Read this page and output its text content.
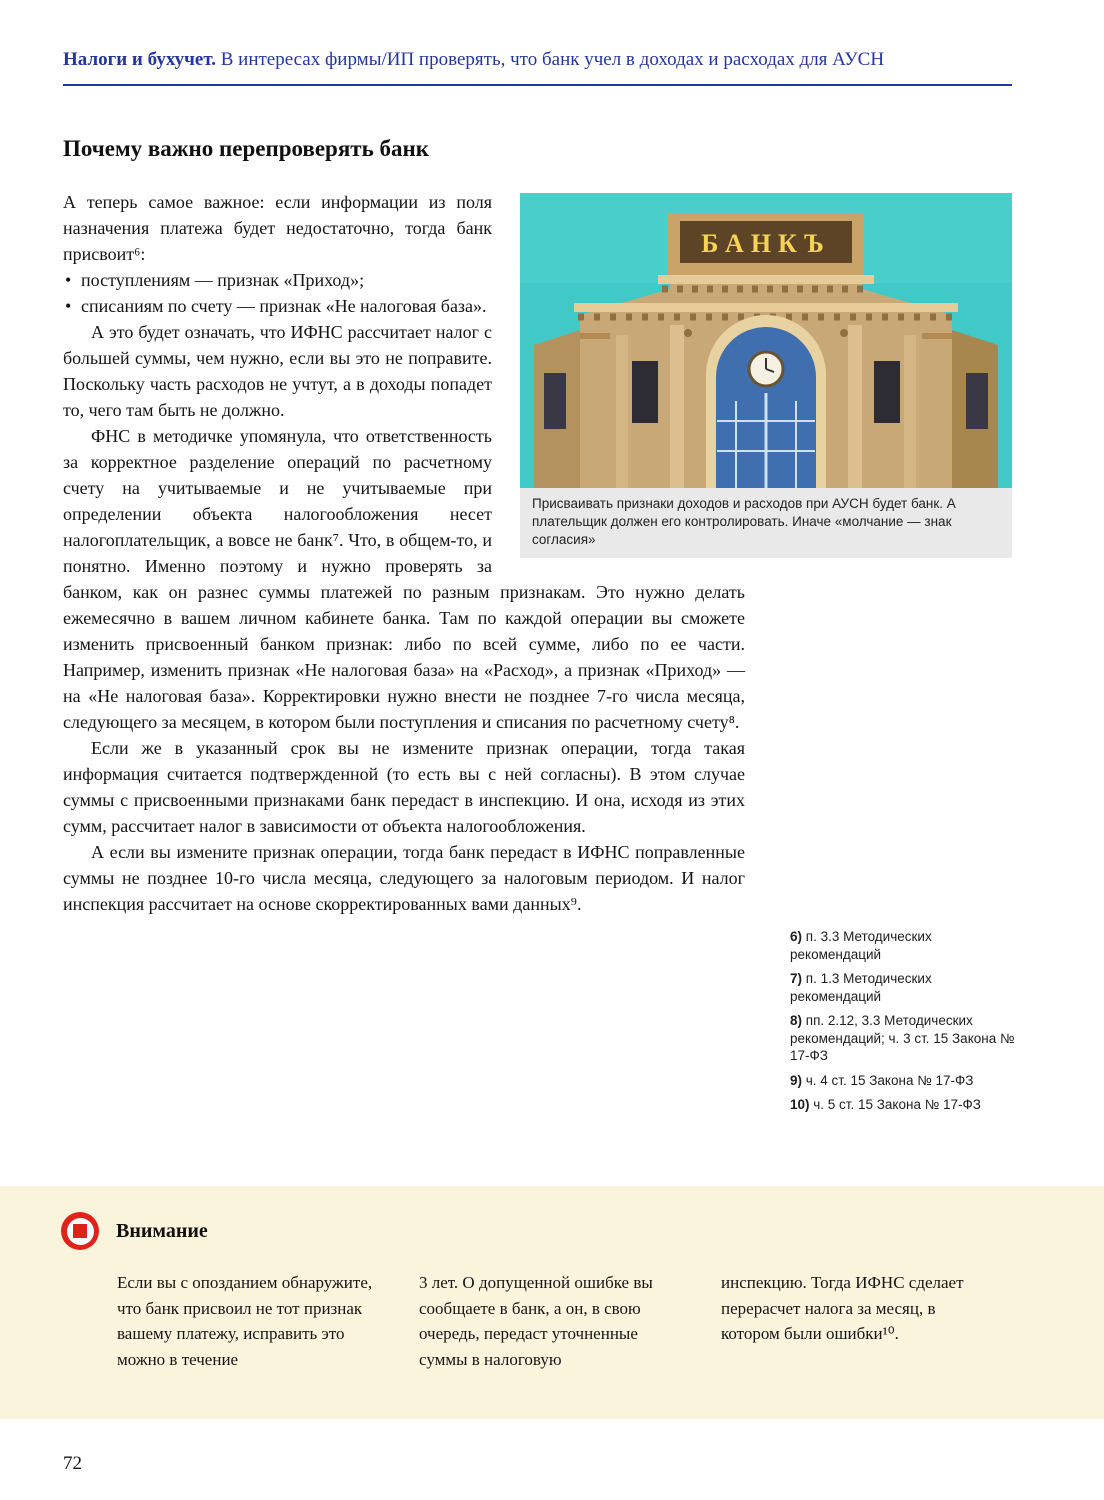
Налоги и бухучет. В интересах фирмы/ИП проверять, что банк учел в доходах и расходах для АУСН
Почему важно перепроверять банк
БАНКЪ
Присваивать признаки доходов и расходов при АУСН будет банк. А плательщик должен его контролировать. Иначе «молчание — знак согласия»

А теперь самое важное: если информации из поля назначения платежа будет недостаточно, тогда банк присвоит⁶:

• поступлениям — признак «Приход»;
• списаниям по счету — признак «Не налоговая база».

А это будет означать, что ИФНС рассчитает налог с большей суммы, чем нужно, если вы это не поправите. Поскольку часть расходов не учтут, а в доходы попадет то, чего там быть не должно.

ФНС в методичке упомянула, что ответственность за корректное разделение операций по расчетному счету на учитываемые и не учитываемые при определении объекта налогообложения несет налогоплательщик, а вовсе не банк⁷. Что, в общем-то, и понятно. Именно поэтому и нужно проверять за банком, как он разнес суммы платежей по разным признакам. Это нужно делать ежемесячно в вашем личном кабинете банка. Там по каждой операции вы сможете изменить присвоенный банком признак: либо по всей сумме, либо по ее части. Например, изменить признак «Не налоговая база» на «Расход», а признак «Приход» — на «Не налоговая база». Корректировки нужно внести не позднее 7-го числа месяца, следующего за месяцем, в котором были поступления и списания по расчетному счету⁸.

Если же в указанный срок вы не измените признак операции, тогда такая информация считается подтвержденной (то есть вы с ней согласны). В этом случае суммы с присвоенными признаками банк передаст в инспекцию. И она, исходя из этих сумм, рассчитает налог в зависимости от объекта налогообложения.

А если вы измените признак операции, тогда банк передаст в ИФНС поправленные суммы не позднее 10-го числа месяца, следующего за налоговым периодом. И налог инспекция рассчитает на основе скорректированных вами данных⁹.

6) п. 3.3 Методических рекомендаций
7) п. 1.3 Методических рекомендаций
8) пп. 2.12, 3.3 Методических рекомендаций; ч. 3 ст. 15 Закона № 17-ФЗ
9) ч. 4 ст. 15 Закона № 17-ФЗ
10) ч. 5 ст. 15 Закона № 17-ФЗ
Внимание
Если вы с опозданием обнаружите, что банк присвоил не тот признак вашему платежу, исправить это можно в течение
3 лет. О допущенной ошибке вы сообщаете в банк, а он, в свою очередь, передаст уточненные суммы в налоговую
инспекцию. Тогда ИФНС сделает перерасчет налога за месяц, в котором были ошибки¹⁰.
72
